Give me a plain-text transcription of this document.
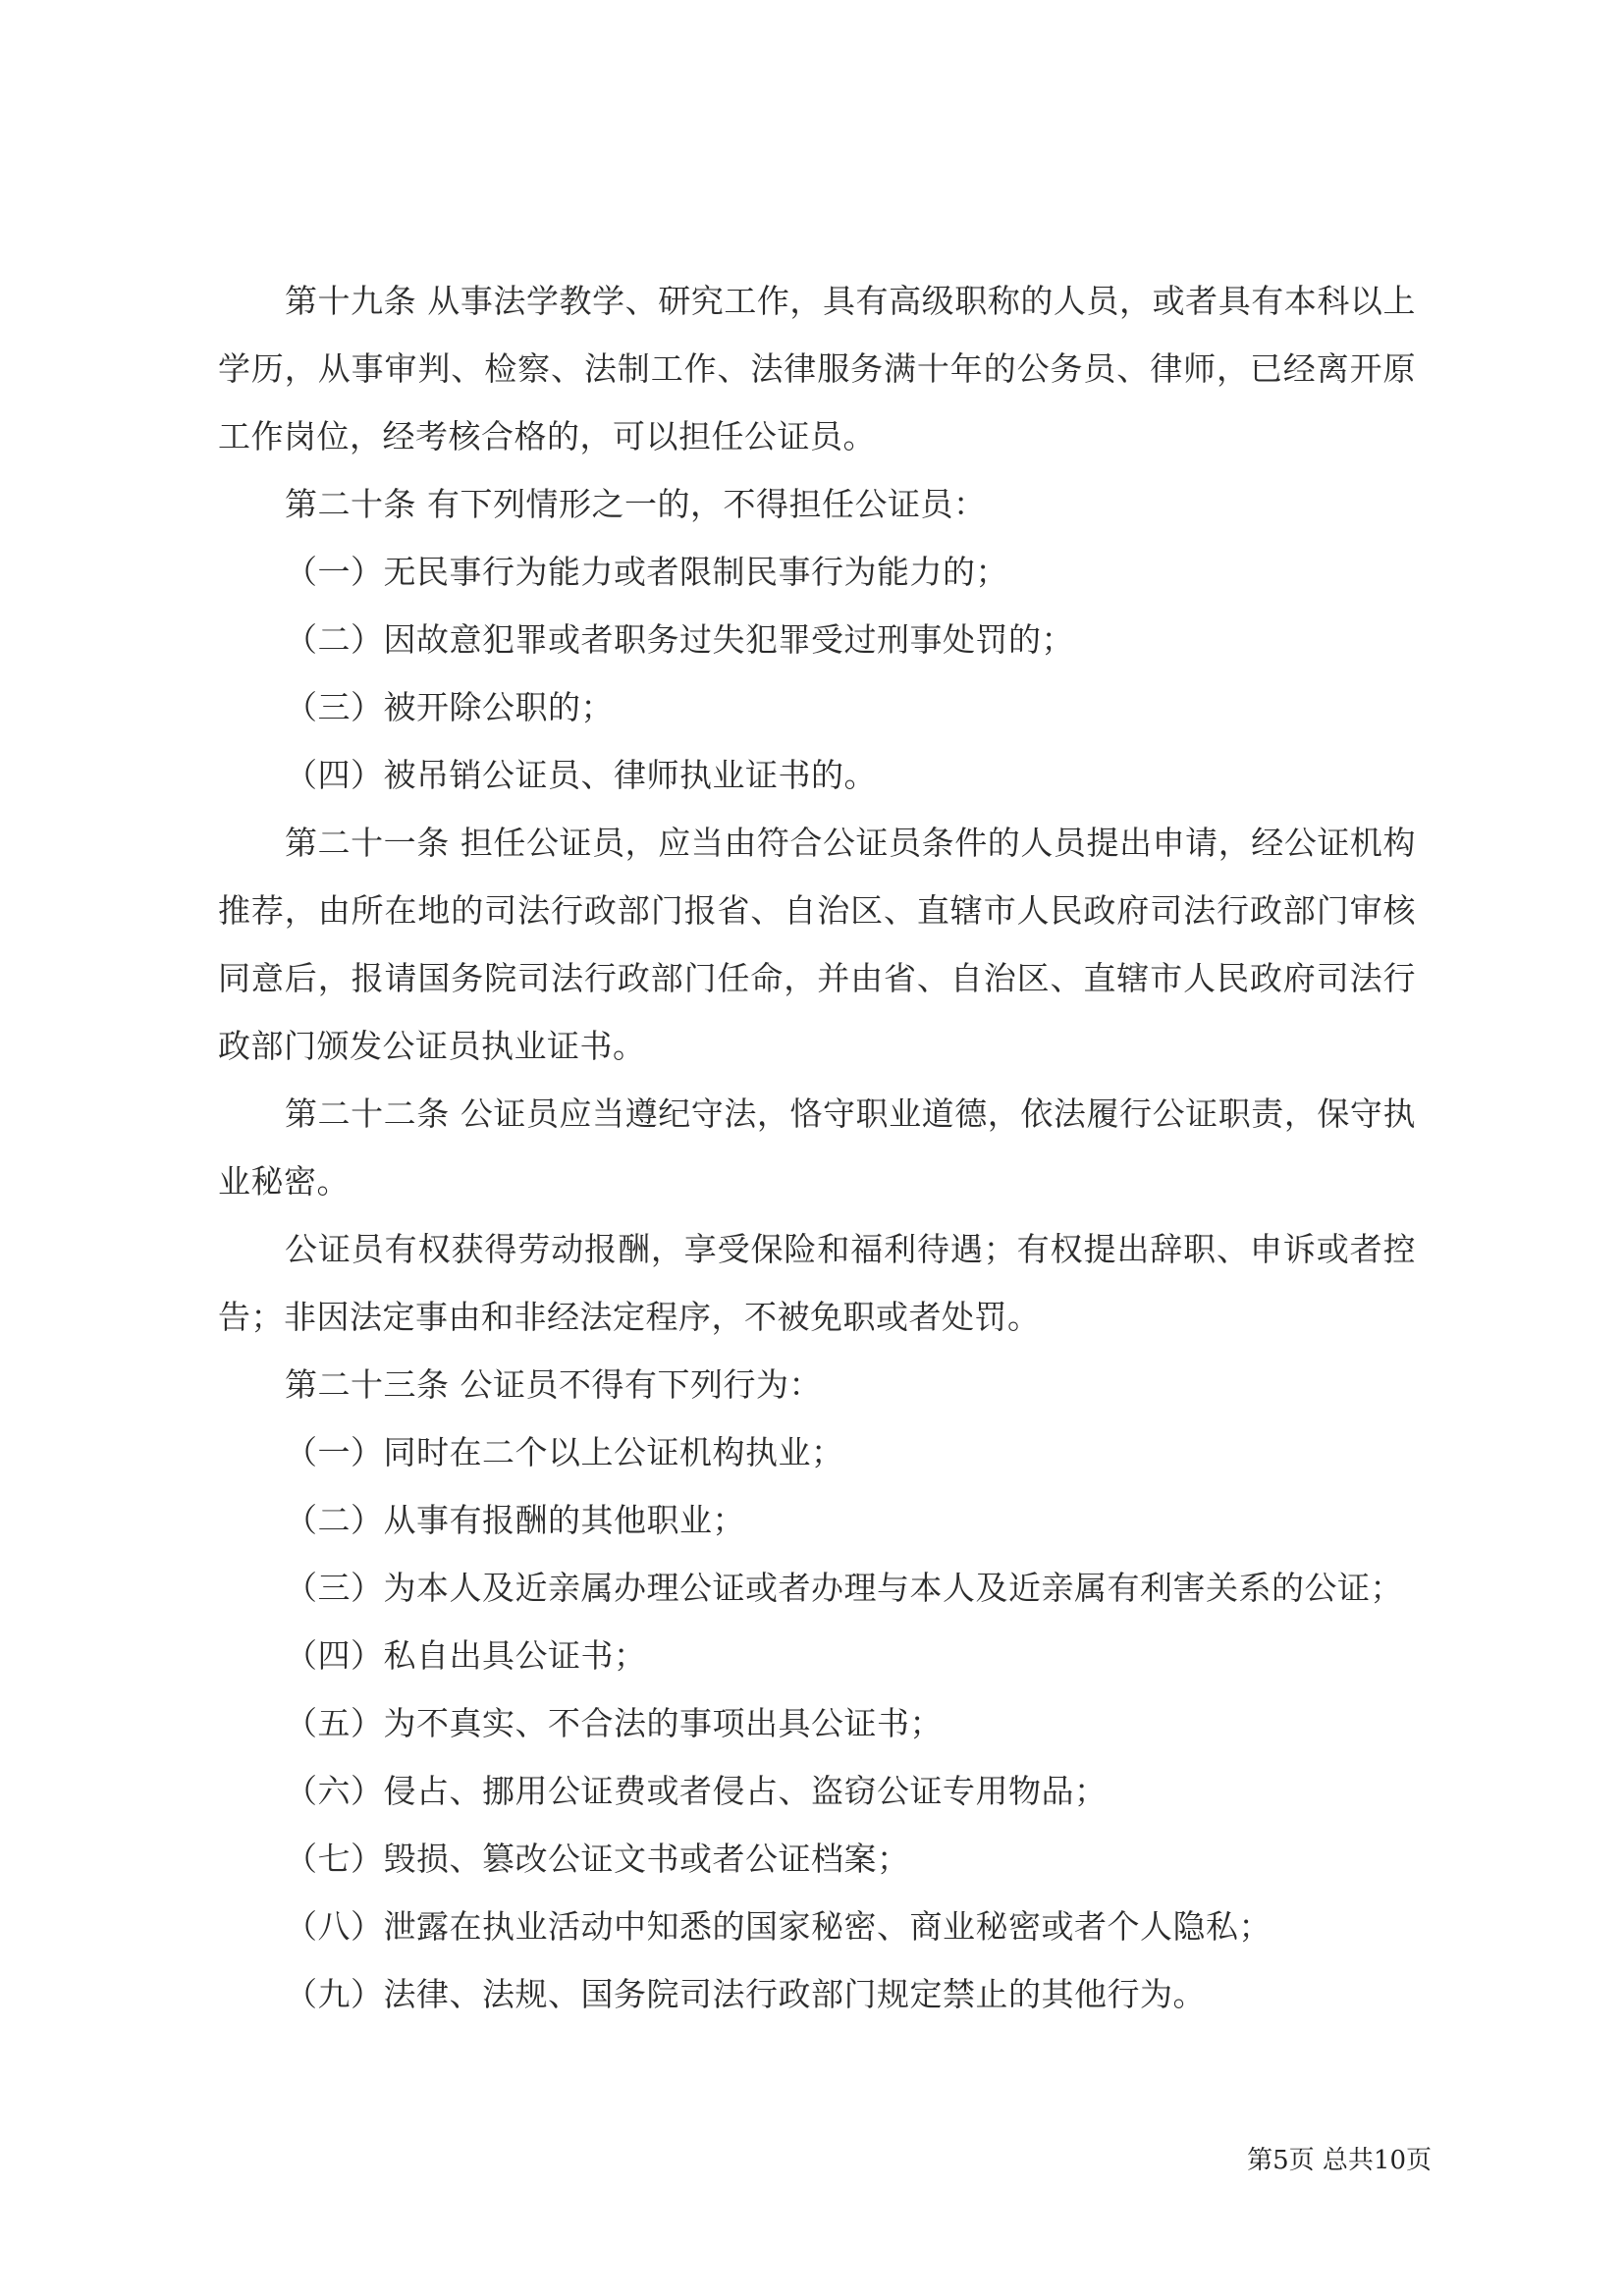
第十九条 从事法学教学、研究工作，具有高级职称的人员，或者具有本科以上学历，从事审判、检察、法制工作、法律服务满十年的公务员、律师，已经离开原工作岗位，经考核合格的，可以担任公证员。

第二十条 有下列情形之一的，不得担任公证员：

（一）无民事行为能力或者限制民事行为能力的；

（二）因故意犯罪或者职务过失犯罪受过刑事处罚的；

（三）被开除公职的；

（四）被吊销公证员、律师执业证书的。

第二十一条 担任公证员，应当由符合公证员条件的人员提出申请，经公证机构推荐，由所在地的司法行政部门报省、自治区、直辖市人民政府司法行政部门审核同意后，报请国务院司法行政部门任命，并由省、自治区、直辖市人民政府司法行政部门颁发公证员执业证书。

第二十二条 公证员应当遵纪守法，恪守职业道德，依法履行公证职责，保守执业秘密。

公证员有权获得劳动报酬，享受保险和福利待遇；有权提出辞职、申诉或者控告；非因法定事由和非经法定程序，不被免职或者处罚。

第二十三条 公证员不得有下列行为：

（一）同时在二个以上公证机构执业；

（二）从事有报酬的其他职业；

（三）为本人及近亲属办理公证或者办理与本人及近亲属有利害关系的公证；

（四）私自出具公证书；

（五）为不真实、不合法的事项出具公证书；

（六）侵占、挪用公证费或者侵占、盗窃公证专用物品；

（七）毁损、篡改公证文书或者公证档案；

（八）泄露在执业活动中知悉的国家秘密、商业秘密或者个人隐私；

（九）法律、法规、国务院司法行政部门规定禁止的其他行为。

第5页 总共10页
